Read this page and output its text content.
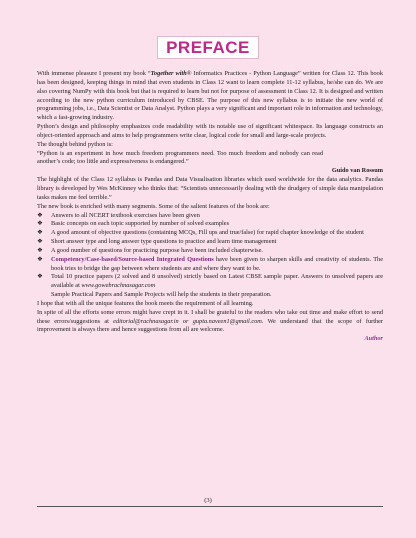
PREFACE

With immense pleasure I present my book “Together with® Informatics Practices - Python Language” written for Class 12. This book has been designed, keeping things in mind that even students in Class 12 want to learn complete 11-12 syllabus, he/she can do. We are also covering NumPy with this book but that is required to learn but not for purpose of assessment in Class 12. It is designed and written according to the new python curriculum introduced by CBSE. The purpose of this new syllabus is to initiate the new world of programming jobs, i.e., Data Scientist or Data Analyst. Python plays a very significant and important role in information and technology, which a fast-growing industry.

Python’s design and philosophy emphasizes code readability with its notable use of significant whitespace. Its language constructs an object-oriented approach and aims to help programmers write clear, logical code for small and large-scale projects.

The thought behind python is:

“Python is an experiment in how much freedom programmers need. Too much freedom and nobody can read another’s code; too little and expressiveness is endangered.”

Guido van Rossum

The highlight of the Class 12 syllabus is Pandas and Data Visualisation libraries which used worldwide for the data analytics. Pandas library is developed by Wes McKinney who thinks that: “Scientists unnecessarily dealing with the drudgery of simple data manipulation tasks makes me feel terrible.”

The new book is enriched with many segments. Some of the salient features of the book are:

❖ Answers to all NCERT textbook exercises have been given
❖ Basic concepts on each topic supported by number of solved examples
❖ A good amount of objective questions (containing MCQs, Fill ups and true/false) for rapid chapter knowledge of the student
❖ Short answer type and long answer type questions to practice and learn time management
❖ A good number of questions for practicing purpose have been included chapterwise.
❖ Competency/Case-based/Source-based Integrated Questions have been given to sharpen skills and creativity of students. The book tries to bridge the gap between where students are and where they want to be.
❖ Total 10 practice papers (2 solved and 8 unsolved) strictly based on Latest CBSE sample paper. Answers to unsolved papers are available at www.gowebrachnasagar.com

Sample Practical Papers and Sample Projects will help the students in their preparation.

I hope that with all the unique features the book meets the requirement of all learning.

In spite of all the efforts some errors might have crept in it. I shall be grateful to the readers who take out time and make effort to send these errors/suggestions at editorial@rachnasagar.in or gupta.naveen1@gmail.com. We understand that the scope of further improvement is always there and hence suggestions from all are welcome.

Author

(3)
